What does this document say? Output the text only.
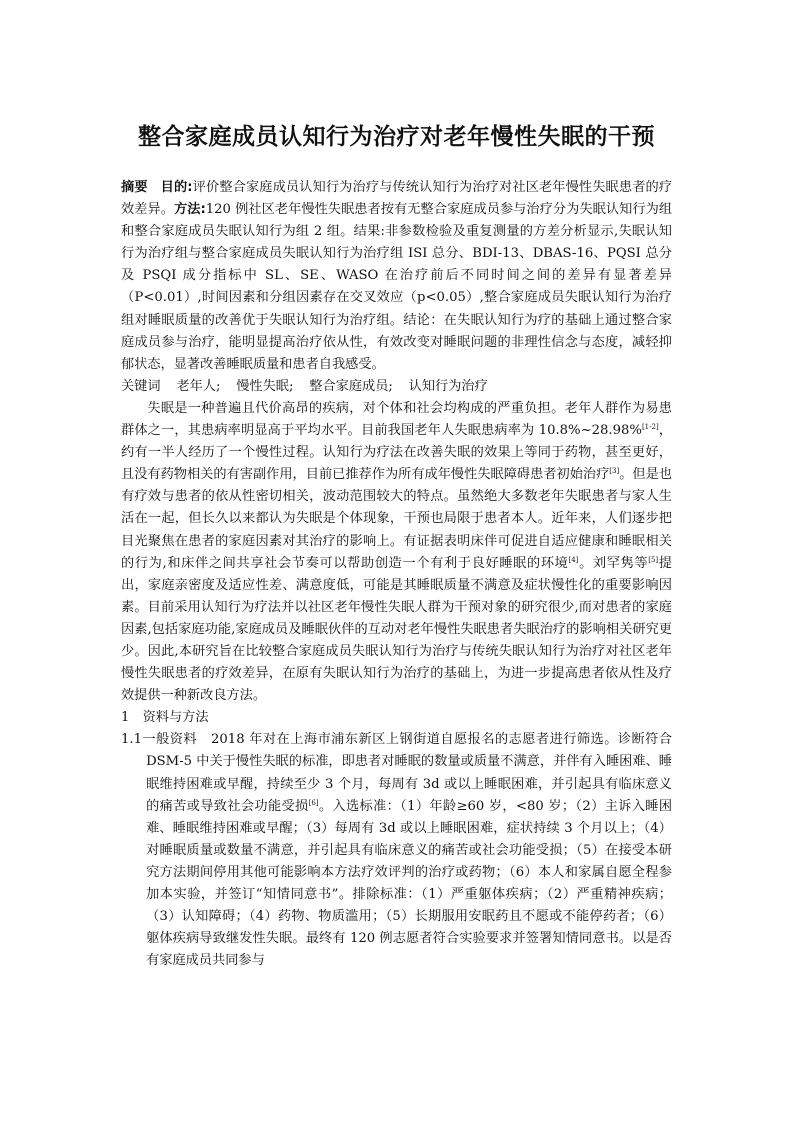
整合家庭成员认知行为治疗对老年慢性失眠的干预

摘要 目的:评价整合家庭成员认知行为治疗与传统认知行为治疗对社区老年慢性失眠患者的疗效差异。方法:120 例社区老年慢性失眠患者按有无整合家庭成员参与治疗分为失眠认知行为组和整合家庭成员失眠认知行为组 2 组。结果:非参数检验及重复测量的方差分析显示,失眠认知行为治疗组与整合家庭成员失眠认知行为治疗组 ISI 总分、BDI-13、DBAS-16、PQSI 总分及 PSQI 成分指标中 SL、SE、WASO 在治疗前后不同时间之间的差异有显著差异（P<0.01）,时间因素和分组因素存在交叉效应（p<0.05）,整合家庭成员失眠认知行为治疗组对睡眠质量的改善优于失眠认知行为治疗组。结论：在失眠认知行为疗的基础上通过整合家庭成员参与治疗，能明显提高治疗依从性，有效改变对睡眠问题的非理性信念与态度，减轻抑郁状态，显著改善睡眠质量和患者自我感受。

关键词 老年人; 慢性失眠; 整合家庭成员; 认知行为治疗

失眠是一种普遍且代价高昂的疾病，对个体和社会均构成的严重负担。老年人群作为易患群体之一，其患病率明显高于平均水平。目前我国老年人失眠患病率为 10.8%~28.98%[1-2]，约有一半人经历了一个慢性过程。认知行为疗法在改善失眠的效果上等同于药物，甚至更好，且没有药物相关的有害副作用，目前已推荐作为所有成年慢性失眠障碍患者初始治疗[3]。但是也有疗效与患者的依从性密切相关，波动范围较大的特点。虽然绝大多数老年失眠患者与家人生活在一起，但长久以来都认为失眠是个体现象，干预也局限于患者本人。近年来，人们逐步把目光聚焦在患者的家庭因素对其治疗的影响上。有证据表明床伴可促进自适应健康和睡眠相关的行为,和床伴之间共享社会节奏可以帮助创造一个有利于良好睡眠的环境[4]。刘罕隽等[5]提出，家庭亲密度及适应性差、满意度低，可能是其睡眠质量不满意及症状慢性化的重要影响因素。目前采用认知行为疗法并以社区老年慢性失眠人群为干预对象的研究很少,而对患者的家庭因素,包括家庭功能,家庭成员及睡眠伙伴的互动对老年慢性失眠患者失眠治疗的影响相关研究更少。因此,本研究旨在比较整合家庭成员失眠认知行为治疗与传统失眠认知行为治疗对社区老年慢性失眠患者的疗效差异，在原有失眠认知行为治疗的基础上，为进一步提高患者依从性及疗效提供一种新改良方法。

1　资料与方法

1.1一般资料 2018 年对在上海市浦东新区上钢街道自愿报名的志愿者进行筛选。诊断符合 DSM-5 中关于慢性失眠的标准，即患者对睡眠的数量或质量不满意，并伴有入睡困难、睡眠维持困难或早醒，持续至少 3 个月，每周有 3d 或以上睡眠困难，并引起具有临床意义的痛苦或导致社会功能受损[6]。入选标准：（1）年龄≥60 岁，<80 岁；（2）主诉入睡困难、睡眠维持困难或早醒；（3）每周有 3d 或以上睡眠困难，症状持续 3 个月以上；（4）对睡眠质量或数量不满意，并引起具有临床意义的痛苦或社会功能受损；（5）在接受本研究方法期间停用其他可能影响本方法疗效评判的治疗或药物；（6）本人和家属自愿全程参加本实验，并签订“知情同意书”。排除标准：（1）严重躯体疾病；（2）严重精神疾病；（3）认知障碍；（4）药物、物质滥用；（5）长期服用安眠药且不愿或不能停药者；（6）躯体疾病导致继发性失眠。最终有 120 例志愿者符合实验要求并签署知情同意书。以是否有家庭成员共同参与
